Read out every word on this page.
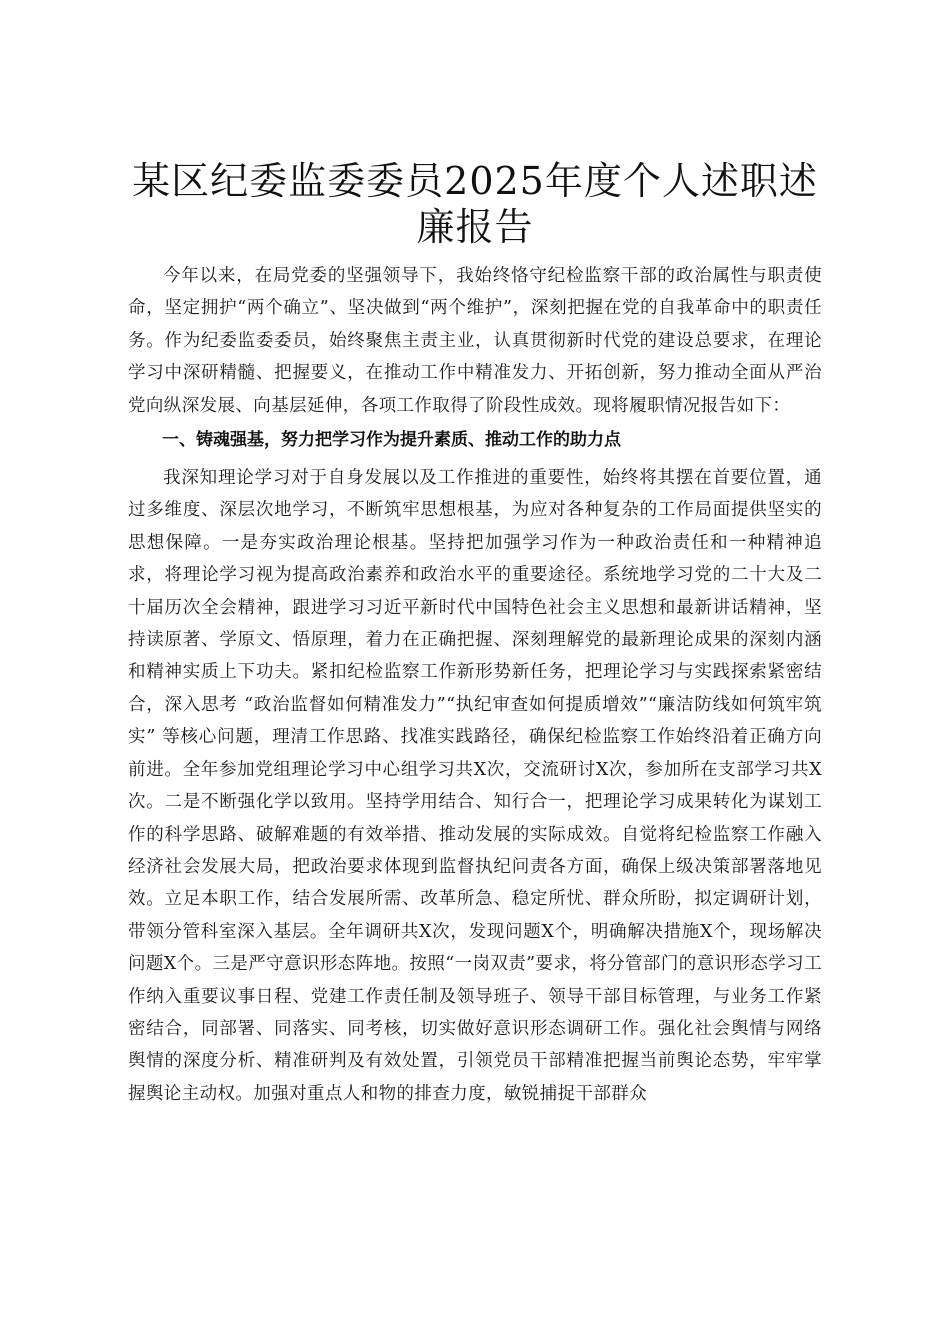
某区纪委监委委员2025年度个人述职述廉报告

今年以来，在局党委的坚强领导下，我始终恪守纪检监察干部的政治属性与职责使命，坚定拥护“两个确立”、坚决做到“两个维护”，深刻把握在党的自我革命中的职责任务。作为纪委监委委员，始终聚焦主责主业，认真贯彻新时代党的建设总要求，在理论学习中深研精髓、把握要义，在推动工作中精准发力、开拓创新，努力推动全面从严治党向纵深发展、向基层延伸，各项工作取得了阶段性成效。现将履职情况报告如下：

一、铸魂强基，努力把学习作为提升素质、推动工作的助力点

我深知理论学习对于自身发展以及工作推进的重要性，始终将其摆在首要位置，通过多维度、深层次地学习，不断筑牢思想根基，为应对各种复杂的工作局面提供坚实的思想保障。一是夯实政治理论根基。坚持把加强学习作为一种政治责任和一种精神追求，将理论学习视为提高政治素养和政治水平的重要途径。系统地学习党的二十大及二十届历次全会精神，跟进学习习近平新时代中国特色社会主义思想和最新讲话精神，坚持读原著、学原文、悟原理，着力在正确把握、深刻理解党的最新理论成果的深刻内涵和精神实质上下功夫。紧扣纪检监察工作新形势新任务，把理论学习与实践探索紧密结合，深入思考 “政治监督如何精准发力”“执纪审查如何提质增效”“廉洁防线如何筑牢筑实” 等核心问题，理清工作思路、找准实践路径，确保纪检监察工作始终沿着正确方向前进。全年参加党组理论学习中心组学习共X次，交流研讨X次，参加所在支部学习共X次。二是不断强化学以致用。坚持学用结合、知行合一，把理论学习成果转化为谋划工作的科学思路、破解难题的有效举措、推动发展的实际成效。自觉将纪检监察工作融入经济社会发展大局，把政治要求体现到监督执纪问责各方面，确保上级决策部署落地见效。立足本职工作，结合发展所需、改革所急、稳定所忧、群众所盼，拟定调研计划，带领分管科室深入基层。全年调研共X次，发现问题X个，明确解决措施X个，现场解决问题X个。三是严守意识形态阵地。按照“一岗双责”要求，将分管部门的意识形态学习工作纳入重要议事日程、党建工作责任制及领导班子、领导干部目标管理，与业务工作紧密结合，同部署、同落实、同考核，切实做好意识形态调研工作。强化社会舆情与网络舆情的深度分析、精准研判及有效处置，引领党员干部精准把握当前舆论态势，牢牢掌握舆论主动权。加强对重点人和物的排查力度，敏锐捕捉干部群众
